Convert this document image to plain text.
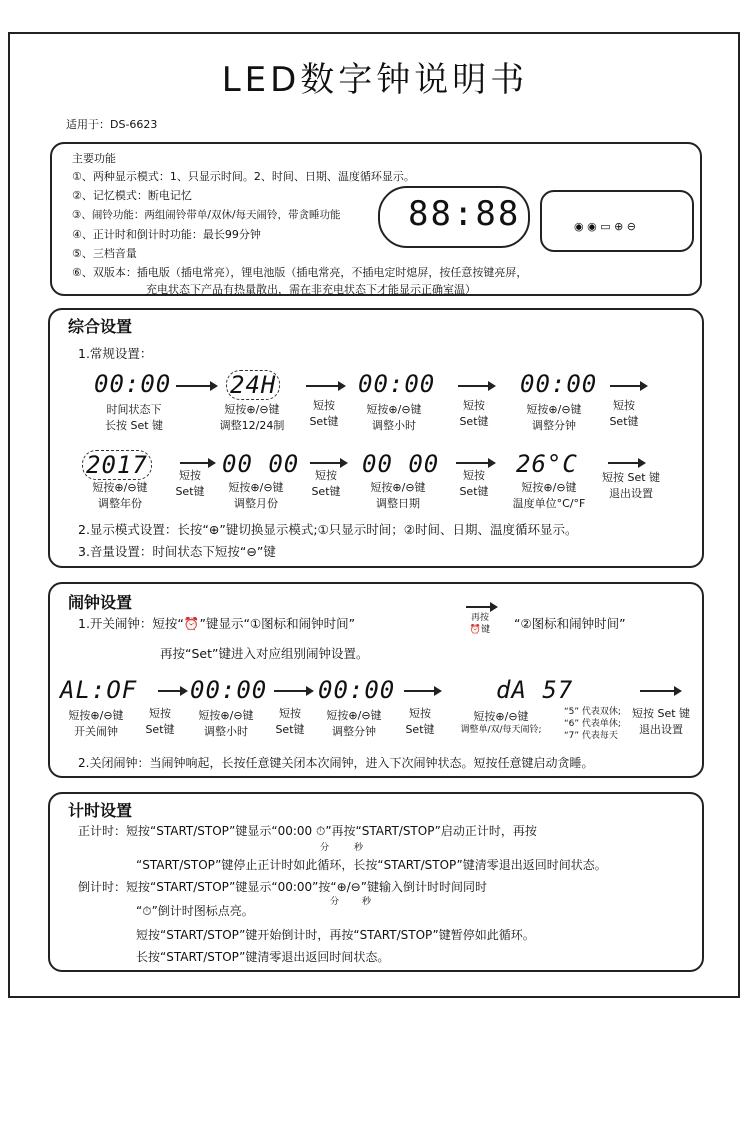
LED数字钟说明书
适用于：DS-6623
主要功能
①、两种显示模式：1、只显示时间。2、时间、日期、温度循环显示。
②、记忆模式：断电记忆
③、闹铃功能：两组闹铃带单/双休/每天闹铃，带贪睡功能
④、正计时和倒计时功能：最长99分钟
⑤、三档音量
⑥、双版本：插电版（插电常亮），锂电池版（插电常亮，不插电定时熄屏，按任意按键亮屏，
充电状态下产品有热量散出，需在非充电状态下才能显示正确室温）
88:88	◉ ◉ ▭ ⊕ ⊖
综合设置
1.常规设置：
00:00
时间状态下
长按 Set 键
24H
短按⊕/⊖键
调整12/24制
短按
Set键
00:00
短按⊕/⊖键
调整小时
短按
Set键
00:00
短按⊕/⊖键
调整分钟
短按
Set键
2017
短按⊕/⊖键
调整年份
短按
Set键
00 00
短按⊕/⊖键
调整月份
短按
Set键
00 00
短按⊕/⊖键
调整日期
短按
Set键
26°C
短按⊕/⊖键
温度单位°C/°F
短按 Set 键
退出设置
2.显示模式设置：长按“⊕”键切换显示模式;①只显示时间；②时间、日期、温度循环显示。
3.音量设置：时间状态下短按“⊖”键
闹钟设置
1.开关闹钟：短按“⏰”键显示“①图标和闹钟时间”	再按
⏰键	“②图标和闹钟时间”
再按“Set”键进入对应组别闹钟设置。
AL:OF
短按⊕/⊖键
开关闹钟
短按
Set键
00:00
短按⊕/⊖键
调整小时
短按
Set键
00:00
短按⊕/⊖键
调整分钟
短按
Set键
dA 57
短按⊕/⊖键
调整单/双/每天闹铃;
“5” 代表双休;
“6” 代表单休;
“7” 代表每天
短按 Set 键
退出设置
2.关闭闹钟：当闹钟响起，长按任意键关闭本次闹钟，进入下次闹钟状态。短按任意键启动贪睡。
计时设置
正计时：短按“START/STOP”键显示“00:00 ⏱”再按“START/STOP”启动正计时，再按
分	秒
“START/STOP”键停止正计时如此循环，长按“START/STOP”键清零退出返回时间状态。
倒计时：短按“START/STOP”键显示“00:00”按“⊕/⊖”键输入倒计时时间同时
分	秒
“⏱”倒计时图标点亮。
短按“START/STOP”键开始倒计时，再按“START/STOP”键暂停如此循环。
长按“START/STOP”键清零退出返回时间状态。
